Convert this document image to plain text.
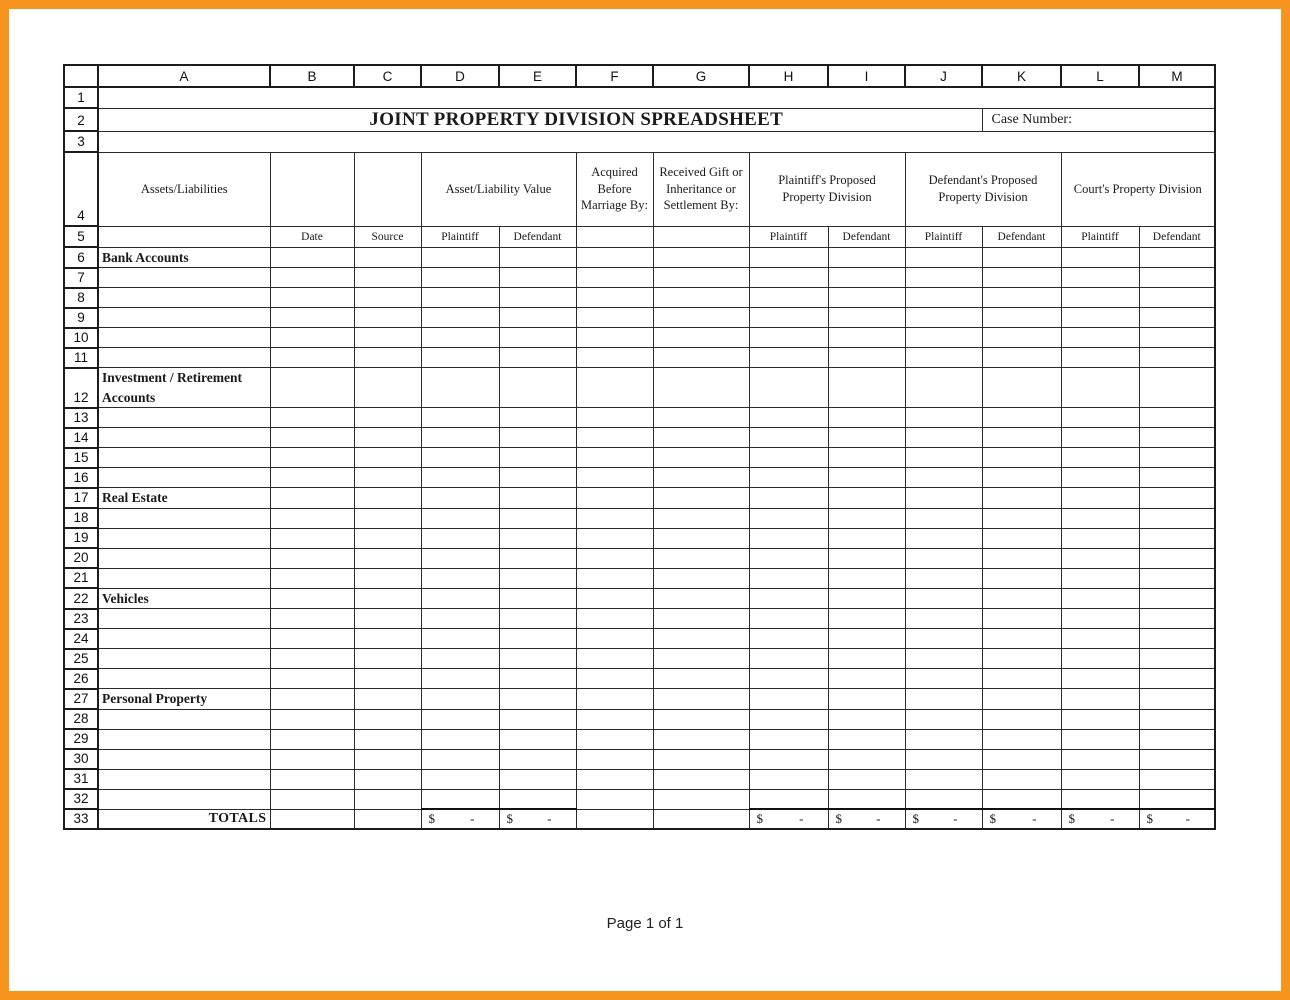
	A	B	C	D	E	F	G	H	I	J	K	L	M
1													
2	JOINT PROPERTY DIVISION SPREADSHEET										Case Number:		
3													
4	Assets/Liabilities			Asset/Liability Value		Acquired Before Marriage By:	Received Gift or Inheritance or Settlement By:	Plaintiff's Proposed Property Division		Defendant's Proposed Property Division		Court's Property Division	
5		Date	Source	Plaintiff	Defendant			Plaintiff	Defendant	Plaintiff	Defendant	Plaintiff	Defendant
6	Bank Accounts												
7													
8													
9													
10													
11													
12	Investment / Retirement Accounts												
13													
14													
15													
16													
17	Real Estate												
18													
19													
20													
21													
22	Vehicles												
23													
24													
25													
26													
27	Personal Property												
28													
29													
30													
31													
32													
33	TOTALS			$ -	$ -			$ -	$ -	$ -	$ -	$ -	$ -
Page 1 of 1
